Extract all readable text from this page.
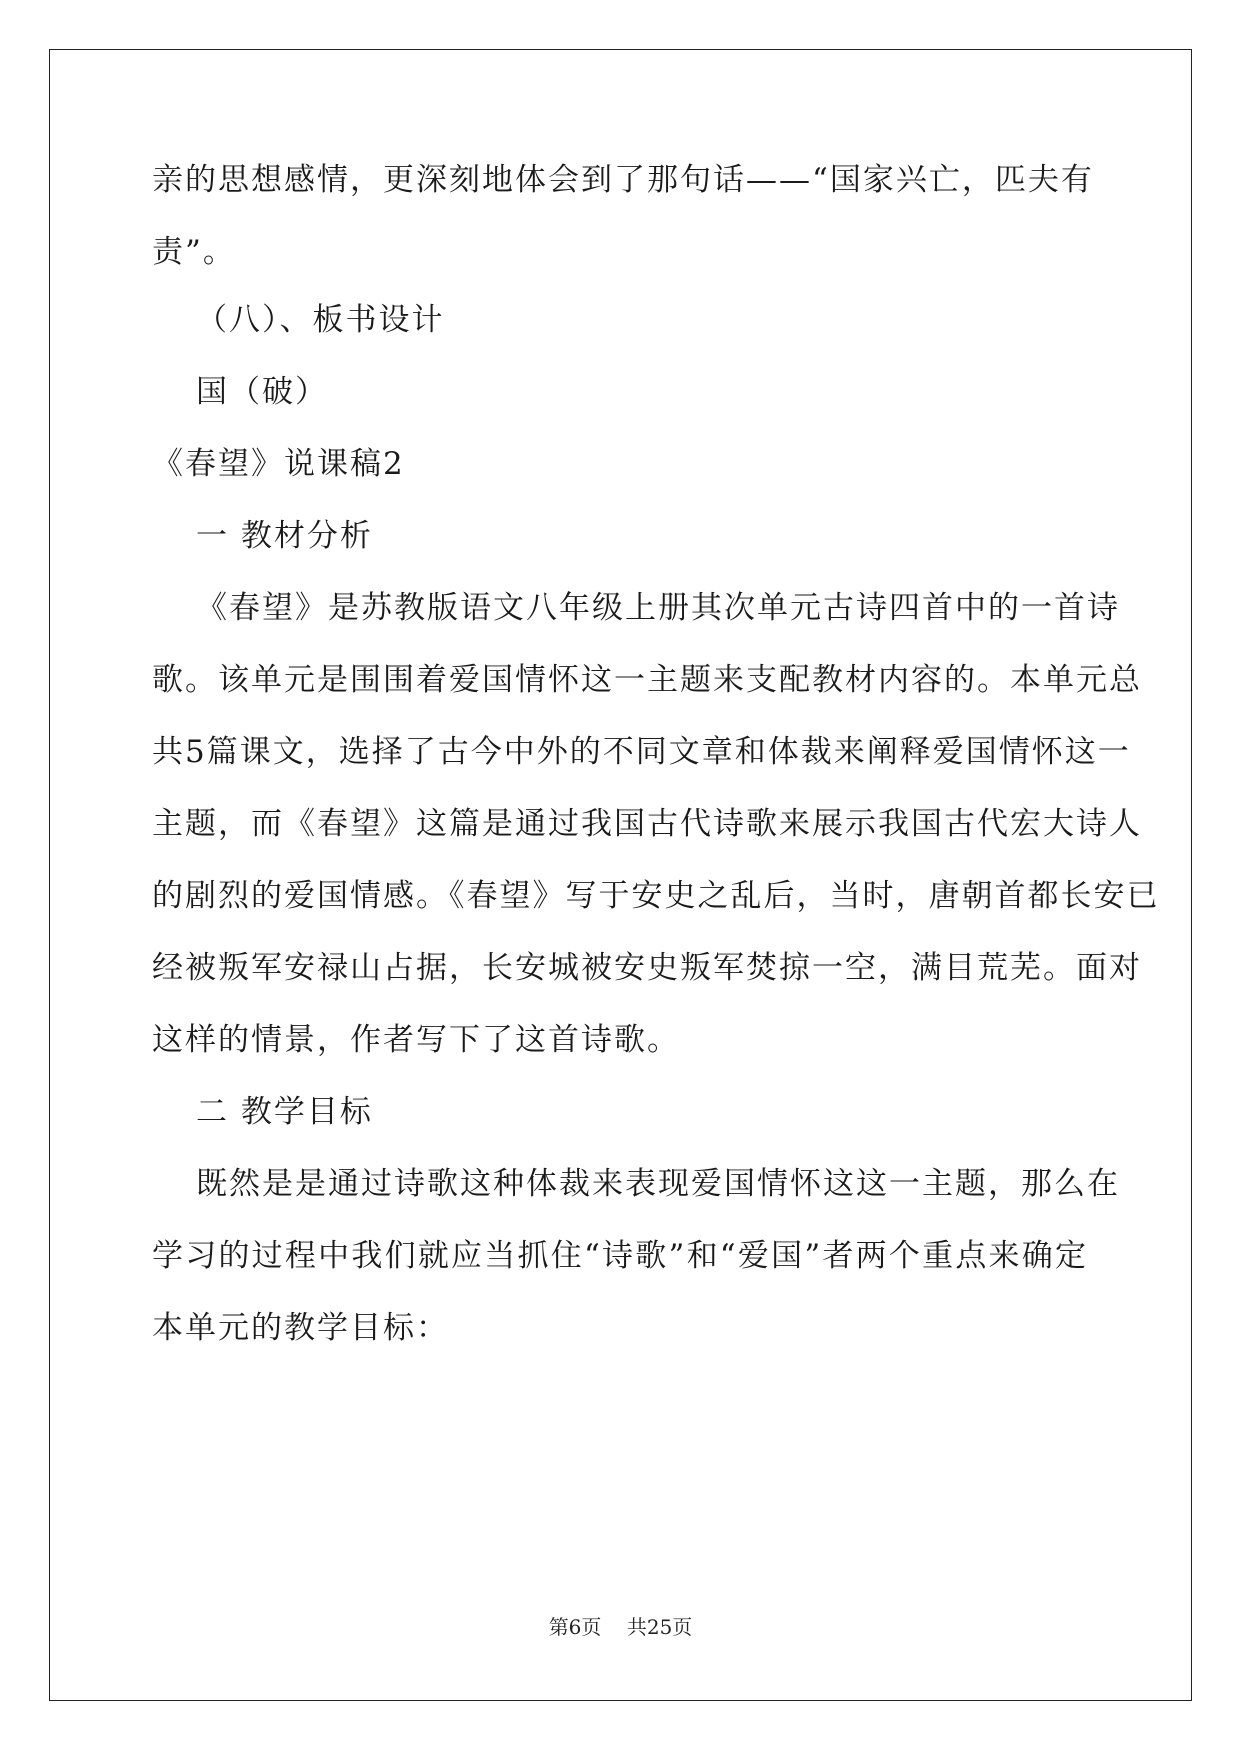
亲的思想感情，更深刻地体会到了那句话——“国家兴亡，匹夫有
责”。
（八）、板书设计
国（破）
《春望》说课稿2
一 教材分析
《春望》是苏教版语文八年级上册其次单元古诗四首中的一首诗
歌。该单元是围围着爱国情怀这一主题来支配教材内容的。本单元总
共5篇课文，选择了古今中外的不同文章和体裁来阐释爱国情怀这一
主题，而《春望》这篇是通过我国古代诗歌来展示我国古代宏大诗人
的剧烈的爱国情感。《春望》写于安史之乱后，当时，唐朝首都长安已
经被叛军安禄山占据，长安城被安史叛军焚掠一空，满目荒芜。面对
这样的情景，作者写下了这首诗歌。
二 教学目标
既然是是通过诗歌这种体裁来表现爱国情怀这这一主题，那么在
学习的过程中我们就应当抓住“诗歌”和“爱国”者两个重点来确定
本单元的教学目标：
第6页    共25页
